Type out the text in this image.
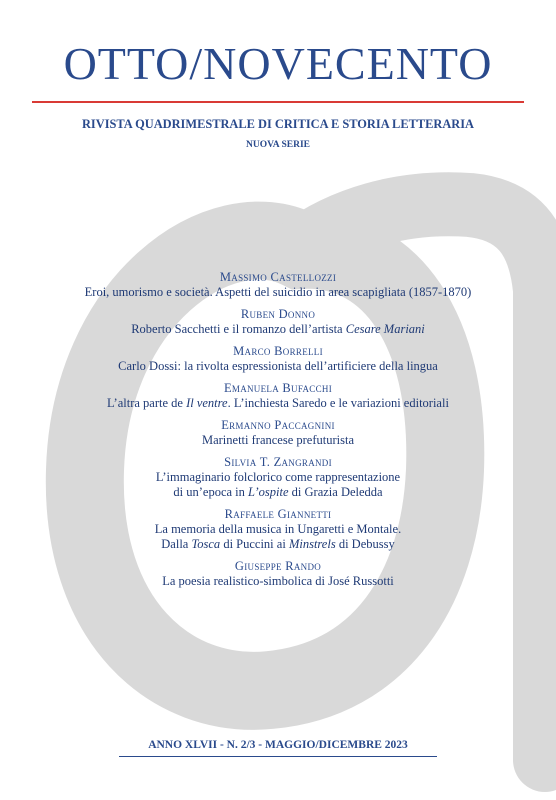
OTTO/NOVECENTO
RIVISTA QUADRIMESTRALE DI CRITICA E STORIA LETTERARIA
NUOVA SERIE
Massimo Castellozzi
Eroi, umorismo e società. Aspetti del suicidio in area scapigliata (1857-1870)
Ruben Donno
Roberto Sacchetti e il romanzo dell’artista Cesare Mariani
Marco Borrelli
Carlo Dossi: la rivolta espressionista dell’artificiere della lingua
Emanuela Bufacchi
L’altra parte de Il ventre. L’inchiesta Saredo e le variazioni editoriali
Ermanno Paccagnini
Marinetti francese prefuturista
Silvia T. Zangrandi
L’immaginario folclorico come rappresentazione
di un’epoca in L’ospite di Grazia Deledda
Raffaele Giannetti
La memoria della musica in Ungaretti e Montale.
Dalla Tosca di Puccini ai Minstrels di Debussy
Giuseppe Rando
La poesia realistico-simbolica di José Russotti
ANNO XLVII - N. 2/3 - MAGGIO/DICEMBRE 2023
